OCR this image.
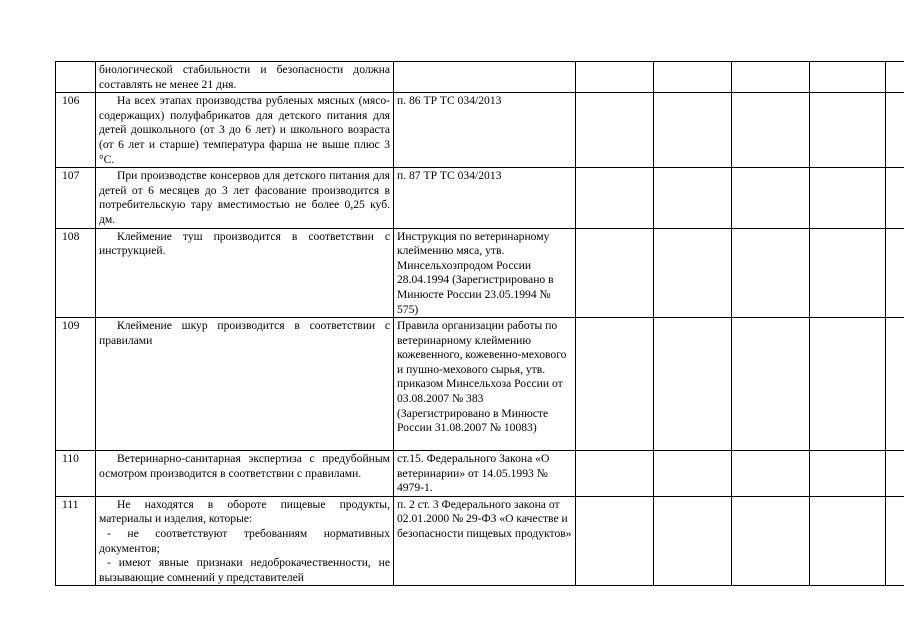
	биологической стабильности и безопасности должна составлять не менее 21 дня.						

106	На всех этапах производства рубленых мясных (мясо-содержащих) полуфабрикатов для детского питания для детей дошкольного (от 3 до 6 лет) и школьного возраста (от 6 лет и старше) температура фарша не выше плюс 3 °C.	п. 86 ТР ТС 034/2013					
107	При производстве консервов для детского питания для детей от 6 месяцев до 3 лет фасование производится в потребительскую тару вместимостью не более 0,25 куб. дм.	п. 87 ТР ТС 034/2013					
108	Клеймение туш производится в соответствии с инструкцией.	Инструкция по ветеринарному клеймению мяса, утв. Минсельхозпродом России 28.04.1994 (Зарегистрировано в Минюсте России 23.05.1994 № 575)					
109	Клеймение шкур производится в соответствии с правилами	Правила организации работы по ветеринарному клеймению кожевенного, кожевенно-мехового и пушно-мехового сырья, утв. приказом Минсельхоза России от 03.08.2007 № 383 (Зарегистрировано в Минюсте России 31.08.2007 № 10083)					
110	Ветеринарно-санитарная экспертиза с предубойным осмотром производится в соответствии с правилами.	ст.15. Федерального Закона «О ветеринарии» от 14.05.1993 № 4979-1.					
111	Не находятся в обороте пищевые продукты, материалы и изделия, которые:
- не соответствуют требованиям нормативных документов;
- имеют явные признаки недоброкачественности, не вызывающие сомнений у представителей	п. 2 ст. 3 Федерального закона от 02.01.2000 № 29-ФЗ «О качестве и безопасности пищевых продуктов»					
